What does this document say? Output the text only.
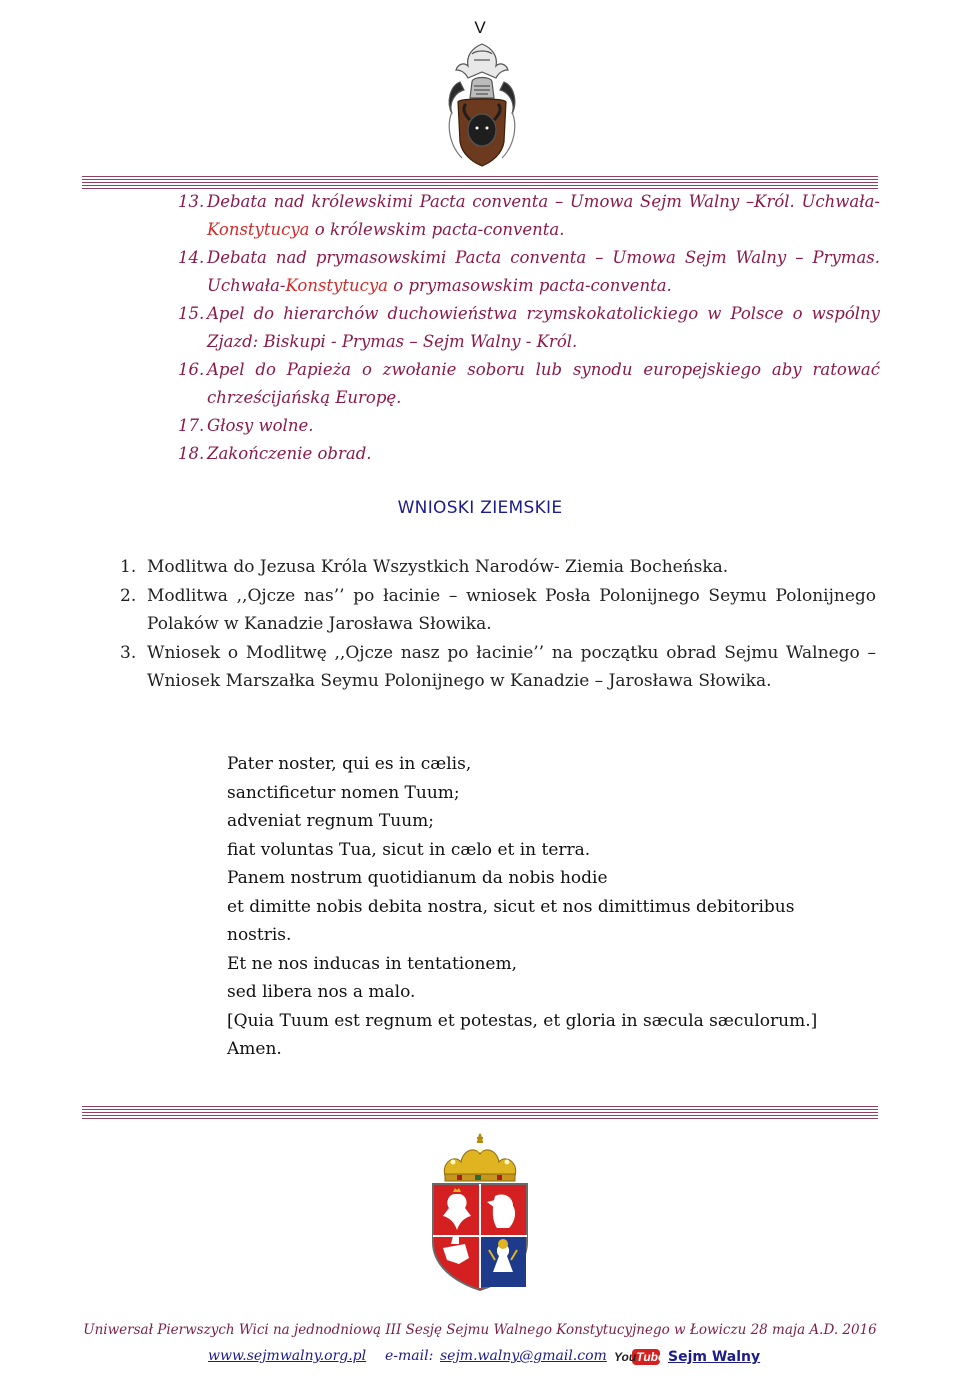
V
13. Debata nad królewskimi Pacta conventa – Umowa Sejm Walny –Król. Uchwała-Konstytucya o królewskim pacta-conventa.
14. Debata nad prymasowskimi Pacta conventa – Umowa Sejm Walny – Prymas. Uchwała-Konstytucya o prymasowskim pacta-conventa.
15. Apel do hierarchów duchowieństwa rzymskokatolickiego w Polsce o wspólny Zjazd: Biskupi - Prymas – Sejm Walny - Król.
16. Apel do Papieża o zwołanie soboru lub synodu europejskiego aby ratować chrześcijańską Europę.
17. Głosy wolne.
18. Zakończenie obrad.
WNIOSKI ZIEMSKIE
1. Modlitwa do Jezusa Króla Wszystkich Narodów- Ziemia Bocheńska.
2. Modlitwa ,,Ojcze nas’’ po łacinie – wniosek Posła Polonijnego Seymu Polonijnego Polaków w Kanadzie Jarosława Słowika.
3. Wniosek o Modlitwę ,,Ojcze nasz po łacinie’’ na początku obrad Sejmu Walnego – Wniosek Marszałka Seymu Polonijnego w Kanadzie – Jarosława Słowika.
Pater noster, qui es in cælis,
sanctificetur nomen Tuum;
adveniat regnum Tuum;
fiat voluntas Tua, sicut in cælo et in terra.
Panem nostrum quotidianum da nobis hodie
et dimitte nobis debita nostra, sicut et nos dimittimus debitoribus
nostris.
Et ne nos inducas in tentationem,
sed libera nos a malo.
[Quia Tuum est regnum et potestas, et gloria in sæcula sæculorum.]
Amen.
Uniwersał Pierwszych Wici na jednodniową III Sesję Sejmu Walnego Konstytucyjnego w Łowiczu 28 maja A.D. 2016
www.sejmwalny.org.pl e-mail: sejm.walny@gmail.com YouTube Sejm Walny
